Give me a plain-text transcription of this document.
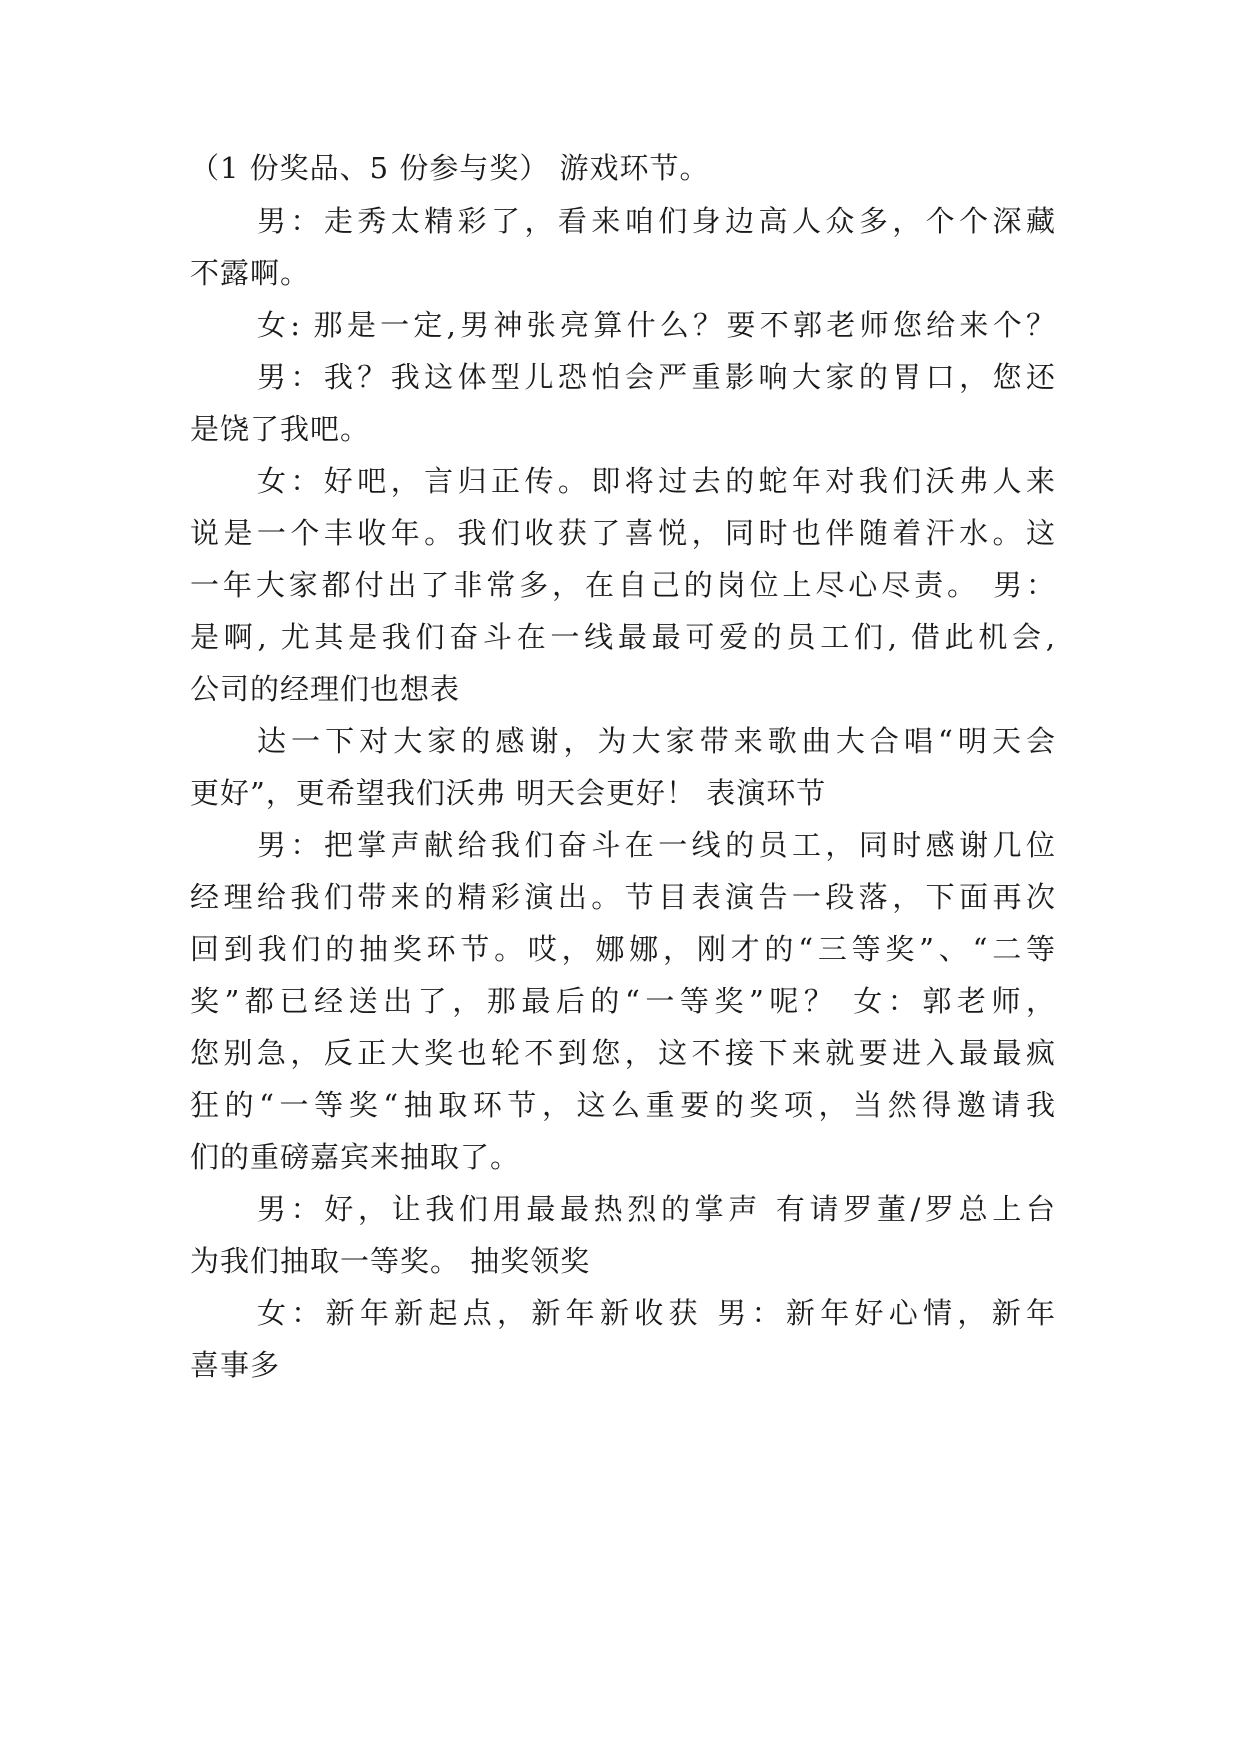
（1 份奖品、5 份参与奖） 游戏环节。
男：走秀太精彩了，看来咱们身边高人众多，个个深藏
不露啊。
女: 那是一定,男神张亮算什么？要不郭老师您给来个？
男：我？我这体型儿恐怕会严重影响大家的胃口，您还
是饶了我吧。
女：好吧，言归正传。即将过去的蛇年对我们沃弗人来
说是一个丰收年。我们收获了喜悦，同时也伴随着汗水。这
一年大家都付出了非常多，在自己的岗位上尽心尽责。 男：
是啊, 尤其是我们奋斗在一线最最可爱的员工们, 借此机会,
公司的经理们也想表
达一下对大家的感谢，为大家带来歌曲大合唱“明天会
更好”，更希望我们沃弗 明天会更好！ 表演环节
男：把掌声献给我们奋斗在一线的员工，同时感谢几位
经理给我们带来的精彩演出。节目表演告一段落，下面再次
回到我们的抽奖环节。哎，娜娜，刚才的“三等奖”、“二等
奖”都已经送出了，那最后的“一等奖”呢？ 女：郭老师，
您别急，反正大奖也轮不到您，这不接下来就要进入最最疯
狂的“一等奖“抽取环节，这么重要的奖项，当然得邀请我
们的重磅嘉宾来抽取了。
男：好，让我们用最最热烈的掌声 有请罗董/罗总上台
为我们抽取一等奖。 抽奖领奖
女：新年新起点，新年新收获 男：新年好心情，新年
喜事多
